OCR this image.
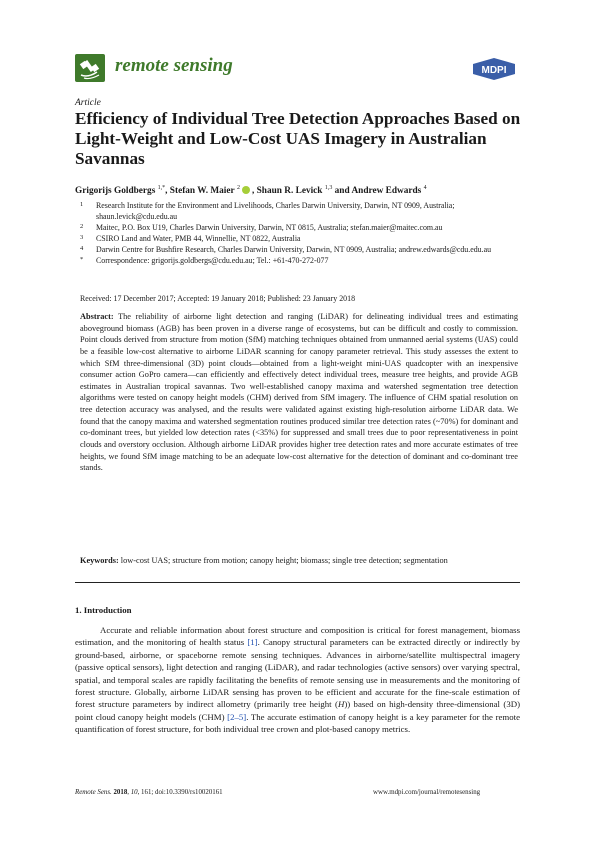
remote sensing	MDPI
Article
Efficiency of Individual Tree Detection Approaches Based on Light-Weight and Low-Cost UAS Imagery in Australian Savannas
Grigorijs Goldbergs $^{1,*}$, Stefan W. Maier $^2$ , Shaun R. Levick $^{1,3}$ and Andrew Edwards $^4$
1 Research Institute for the Environment and Livelihoods, Charles Darwin University, Darwin, NT 0909, Australia; shaun.levick@cdu.edu.au
2 Maitec, P.O. Box U19, Charles Darwin University, Darwin, NT 0815, Australia; stefan.maier@maitec.com.au
3 CSIRO Land and Water, PMB 44, Winnellie, NT 0822, Australia
4 Darwin Centre for Bushfire Research, Charles Darwin University, Darwin, NT 0909, Australia; andrew.edwards@cdu.edu.au
* Correspondence: grigorijs.goldbergs@cdu.edu.au; Tel.: +61-470-272-077
Received: 17 December 2017; Accepted: 19 January 2018; Published: 23 January 2018
Abstract: The reliability of airborne light detection and ranging (LiDAR) for delineating individual trees and estimating aboveground biomass (AGB) has been proven in a diverse range of ecosystems, but can be difficult and costly to commission. Point clouds derived from structure from motion (SfM) matching techniques obtained from unmanned aerial systems (UAS) could be a feasible low-cost alternative to airborne LiDAR scanning for canopy parameter retrieval. This study assesses the extent to which SfM three-dimensional (3D) point clouds—obtained from a light-weight mini-UAS quadcopter with an inexpensive consumer action GoPro camera—can efficiently and effectively detect individual trees, measure tree heights, and provide AGB estimates in Australian tropical savannas. Two well-established canopy maxima and watershed segmentation tree detection algorithms were tested on canopy height models (CHM) derived from SfM imagery. The influence of CHM spatial resolution on tree detection accuracy was analysed, and the results were validated against existing high-resolution airborne LiDAR data. We found that the canopy maxima and watershed segmentation routines produced similar tree detection rates (~70%) for dominant and co-dominant trees, but yielded low detection rates (<35%) for suppressed and small trees due to poor representativeness in point clouds and overstory occlusion. Although airborne LiDAR provides higher tree detection rates and more accurate estimates of tree heights, we found SfM image matching to be an adequate low-cost alternative for the detection of dominant and co-dominant tree stands.
Keywords: low-cost UAS; structure from motion; canopy height; biomass; single tree detection; segmentation
1. Introduction
Accurate and reliable information about forest structure and composition is critical for forest management, biomass estimation, and the monitoring of health status [1]. Canopy structural parameters can be extracted directly or indirectly by ground-based, airborne, or spaceborne remote sensing techniques. Advances in airborne/satellite multispectral imagery (passive optical sensors), light detection and ranging (LiDAR), and radar technologies (active sensors) over varying spectral, spatial, and temporal scales are rapidly facilitating the benefits of remote sensing use in measurements and the monitoring of forest structure. Globally, airborne LiDAR sensing has proven to be efficient and accurate for the fine-scale estimation of forest structure parameters by indirect allometry (primarily tree height (H)) based on high-density three-dimensional (3D) point cloud canopy height models (CHM) [2–5]. The accurate estimation of canopy height is a key parameter for the remote quantification of forest structure, for both individual tree crown and plot-based canopy metrics.
Remote Sens. 2018, 10, 161; doi:10.3390/rs10020161	www.mdpi.com/journal/remotesensing
